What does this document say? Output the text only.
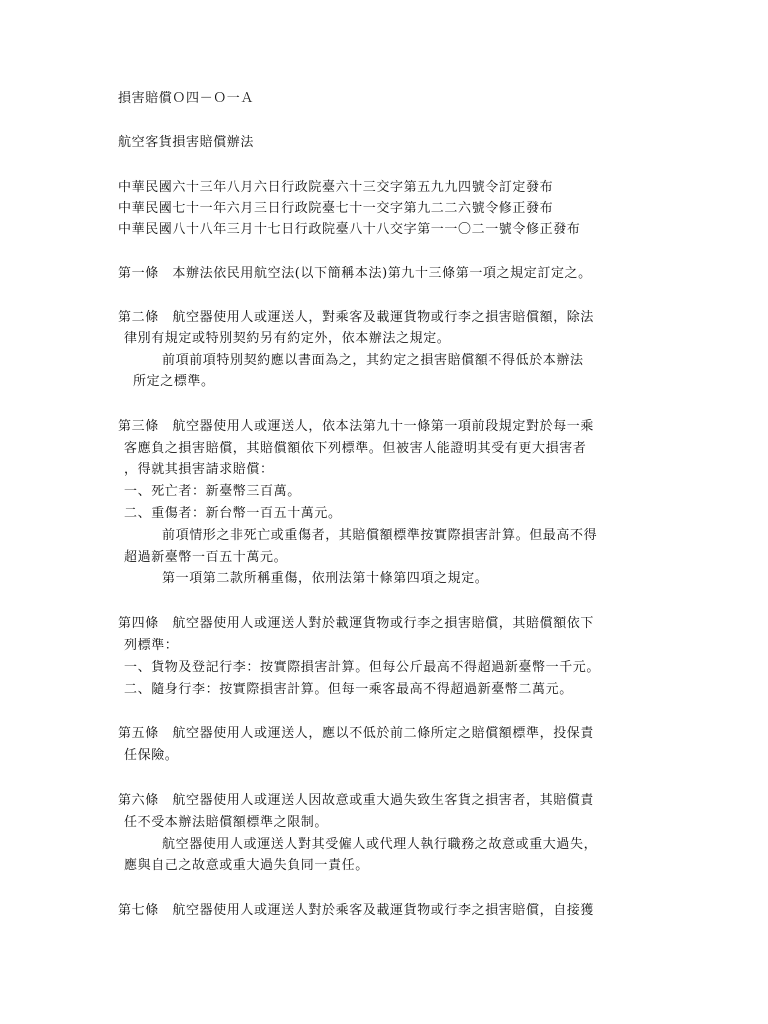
損害賠償Ｏ四－Ｏ一Ａ
航空客貨損害賠償辦法
中華民國六十三年八月六日行政院臺六十三交字第五九九四號令訂定發布
中華民國七十一年六月三日行政院臺七十一交字第九二二六號令修正發布
中華民國八十八年三月十七日行政院臺八十八交字第一一〇二一號令修正發布
第一條　本辦法依民用航空法(以下簡稱本法)第九十三條第一項之規定訂定之。
第二條　航空器使用人或運送人，對乘客及載運貨物或行李之損害賠償額，除法
律別有規定或特別契約另有約定外，依本辦法之規定。
前項前項特別契約應以書面為之，其約定之損害賠償額不得低於本辦法
所定之標準。
第三條　航空器使用人或運送人，依本法第九十一條第一項前段規定對於每一乘
客應負之損害賠償，其賠償額依下列標準。但被害人能證明其受有更大損害者
，得就其損害請求賠償：
一、死亡者：新臺幣三百萬。
二、重傷者：新台幣一百五十萬元。
前項情形之非死亡或重傷者，其賠償額標準按實際損害計算。但最高不得
超過新臺幣一百五十萬元。
第一項第二款所稱重傷，依刑法第十條第四項之規定。
第四條　航空器使用人或運送人對於載運貨物或行李之損害賠償，其賠償額依下
列標準：
一、貨物及登記行李：按實際損害計算。但每公斤最高不得超過新臺幣一千元。
二、隨身行李：按實際損害計算。但每一乘客最高不得超過新臺幣二萬元。
第五條　航空器使用人或運送人，應以不低於前二條所定之賠償額標準，投保責
任保險。
第六條　航空器使用人或運送人因故意或重大過失致生客貨之損害者，其賠償責
任不受本辦法賠償額標準之限制。
航空器使用人或運送人對其受僱人或代理人執行職務之故意或重大過失，
應與自己之故意或重大過失負同一責任。
第七條　航空器使用人或運送人對於乘客及載運貨物或行李之損害賠償，自接獲
